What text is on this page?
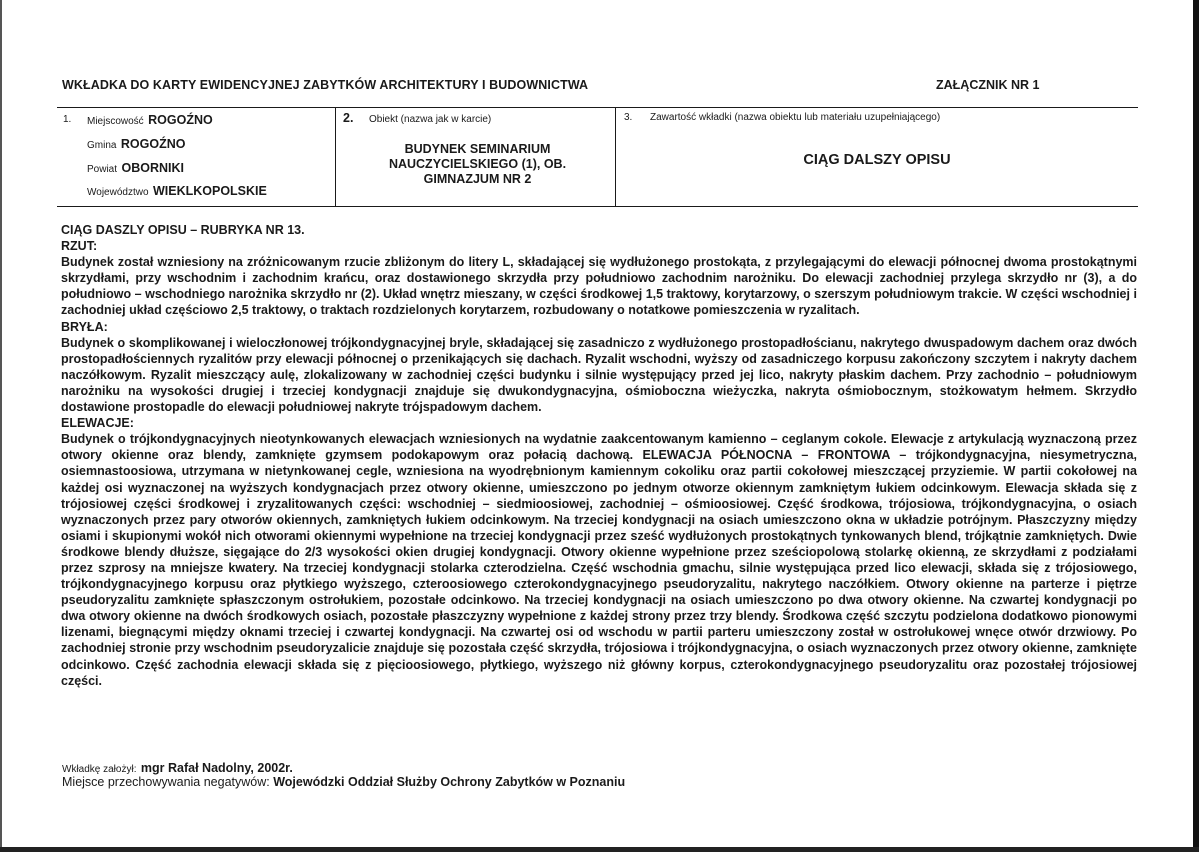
WKŁADKA DO KARTY EWIDENCYJNEJ ZABYTKÓW ARCHITEKTURY I BUDOWNICTWA	ZAŁĄCZNIK NR 1
1. Miejscowość ROGOŹNO
Gmina ROGOŹNO
Powiat OBORNIKI
Województwo WIEKLKOPOLSKIE
2. Obiekt (nazwa jak w karcie)
BUDYNEK SEMINARIUM
NAUCZYCIELSKIEGO (1), OB.
GIMNAZJUM NR 2
3. Zawartość wkładki (nazwa obiektu lub materiału uzupełniającego)
CIĄG DALSZY OPISU

CIĄG DASZLY OPISU – RUBRYKA NR 13.

RZUT:

Budynek został wzniesiony na zróżnicowanym rzucie zbliżonym do litery L, składającej się wydłużonego prostokąta, z przylegającymi do elewacji północnej dwoma prostokątnymi skrzydłami, przy wschodnim i zachodnim krańcu, oraz dostawionego skrzydła przy południowo zachodnim narożniku. Do elewacji zachodniej przylega skrzydło nr (3), a do południowo – wschodniego narożnika skrzydło nr (2). Układ wnętrz mieszany, w części środkowej 1,5 traktowy, korytarzowy, o szerszym południowym trakcie. W części wschodniej i zachodniej układ częściowo 2,5 traktowy, o traktach rozdzielonych korytarzem, rozbudowany o notatkowe pomieszczenia w ryzalitach.

BRYŁA:

Budynek o skomplikowanej i wieloczłonowej trójkondygnacyjnej bryle, składającej się zasadniczo z wydłużonego prostopadłościanu, nakrytego dwuspadowym dachem oraz dwóch prostopadłościennych ryzalitów przy elewacji północnej o przenikających się dachach. Ryzalit wschodni, wyższy od zasadniczego korpusu zakończony szczytem i nakryty dachem naczółkowym. Ryzalit mieszczący aulę, zlokalizowany w zachodniej części budynku i silnie występujący przed jej lico, nakryty płaskim dachem. Przy zachodnio – południowym narożniku na wysokości drugiej i trzeciej kondygnacji znajduje się dwukondygnacyjna, ośmioboczna wieżyczka, nakryta ośmiobocznym, stożkowatym hełmem. Skrzydło dostawione prostopadle do elewacji południowej nakryte trójspadowym dachem.

ELEWACJE:

Budynek o trójkondygnacyjnych nieotynkowanych elewacjach wzniesionych na wydatnie zaakcentowanym kamienno – ceglanym cokole. Elewacje z artykulacją wyznaczoną przez otwory okienne oraz blendy, zamknięte gzymsem podokapowym oraz połacią dachową. ELEWACJA PÓŁNOCNA – FRONTOWA – trójkondygnacyjna, niesymetryczna, osiemnastoosiowa, utrzymana w nietynkowanej cegle, wzniesiona na wyodrębnionym kamiennym cokoliku oraz partii cokołowej mieszczącej przyziemie. W partii cokołowej na każdej osi wyznaczonej na wyższych kondygnacjach przez otwory okienne, umieszczono po jednym otworze okiennym zamkniętym łukiem odcinkowym. Elewacja składa się z trójosiowej części środkowej i zryzalitowanych części: wschodniej – siedmioosiowej, zachodniej – ośmioosiowej. Część środkowa, trójosiowa, trójkondygnacyjna, o osiach wyznaczonych przez pary otworów okiennych, zamkniętych łukiem odcinkowym. Na trzeciej kondygnacji na osiach umieszczono okna w układzie potrójnym. Płaszczyzny między osiami i skupionymi wokół nich otworami okiennymi wypełnione na trzeciej kondygnacji przez sześć wydłużonych prostokątnych tynkowanych blend, trójkątnie zamkniętych. Dwie środkowe blendy dłuższe, sięgające do 2/3 wysokości okien drugiej kondygnacji. Otwory okienne wypełnione przez sześciopolową stolarkę okienną, ze skrzydłami z podziałami przez szprosy na mniejsze kwatery. Na trzeciej kondygnacji stolarka czterodzielna. Część wschodnia gmachu, silnie występująca przed lico elewacji, składa się z trójosiowego, trójkondygnacyjnego korpusu oraz płytkiego wyższego, czteroosiowego czterokondygnacyjnego pseudoryzalitu, nakrytego naczółkiem. Otwory okienne na parterze i piętrze pseudoryzalitu zamknięte spłaszczonym ostrołukiem, pozostałe odcinkowo. Na trzeciej kondygnacji na osiach umieszczono po dwa otwory okienne. Na czwartej kondygnacji po dwa otwory okienne na dwóch środkowych osiach, pozostałe płaszczyzny wypełnione z każdej strony przez trzy blendy. Środkowa część szczytu podzielona dodatkowo pionowymi lizenami, biegnącymi między oknami trzeciej i czwartej kondygnacji. Na czwartej osi od wschodu w partii parteru umieszczony został w ostrołukowej wnęce otwór drzwiowy. Po zachodniej stronie przy wschodnim pseudoryzalicie znajduje się pozostała część skrzydła, trójosiowa i trójkondygnacyjna, o osiach wyznaczonych przez otwory okienne, zamknięte odcinkowo. Część zachodnia elewacji składa się z pięcioosiowego, płytkiego, wyższego niż główny korpus, czterokondygnacyjnego pseudoryzalitu oraz pozostałej trójosiowej części.

Wkładkę założył: mgr Rafał Nadolny, 2002r.
Miejsce przechowywania negatywów: Wojewódzki Oddział Służby Ochrony Zabytków w Poznaniu
